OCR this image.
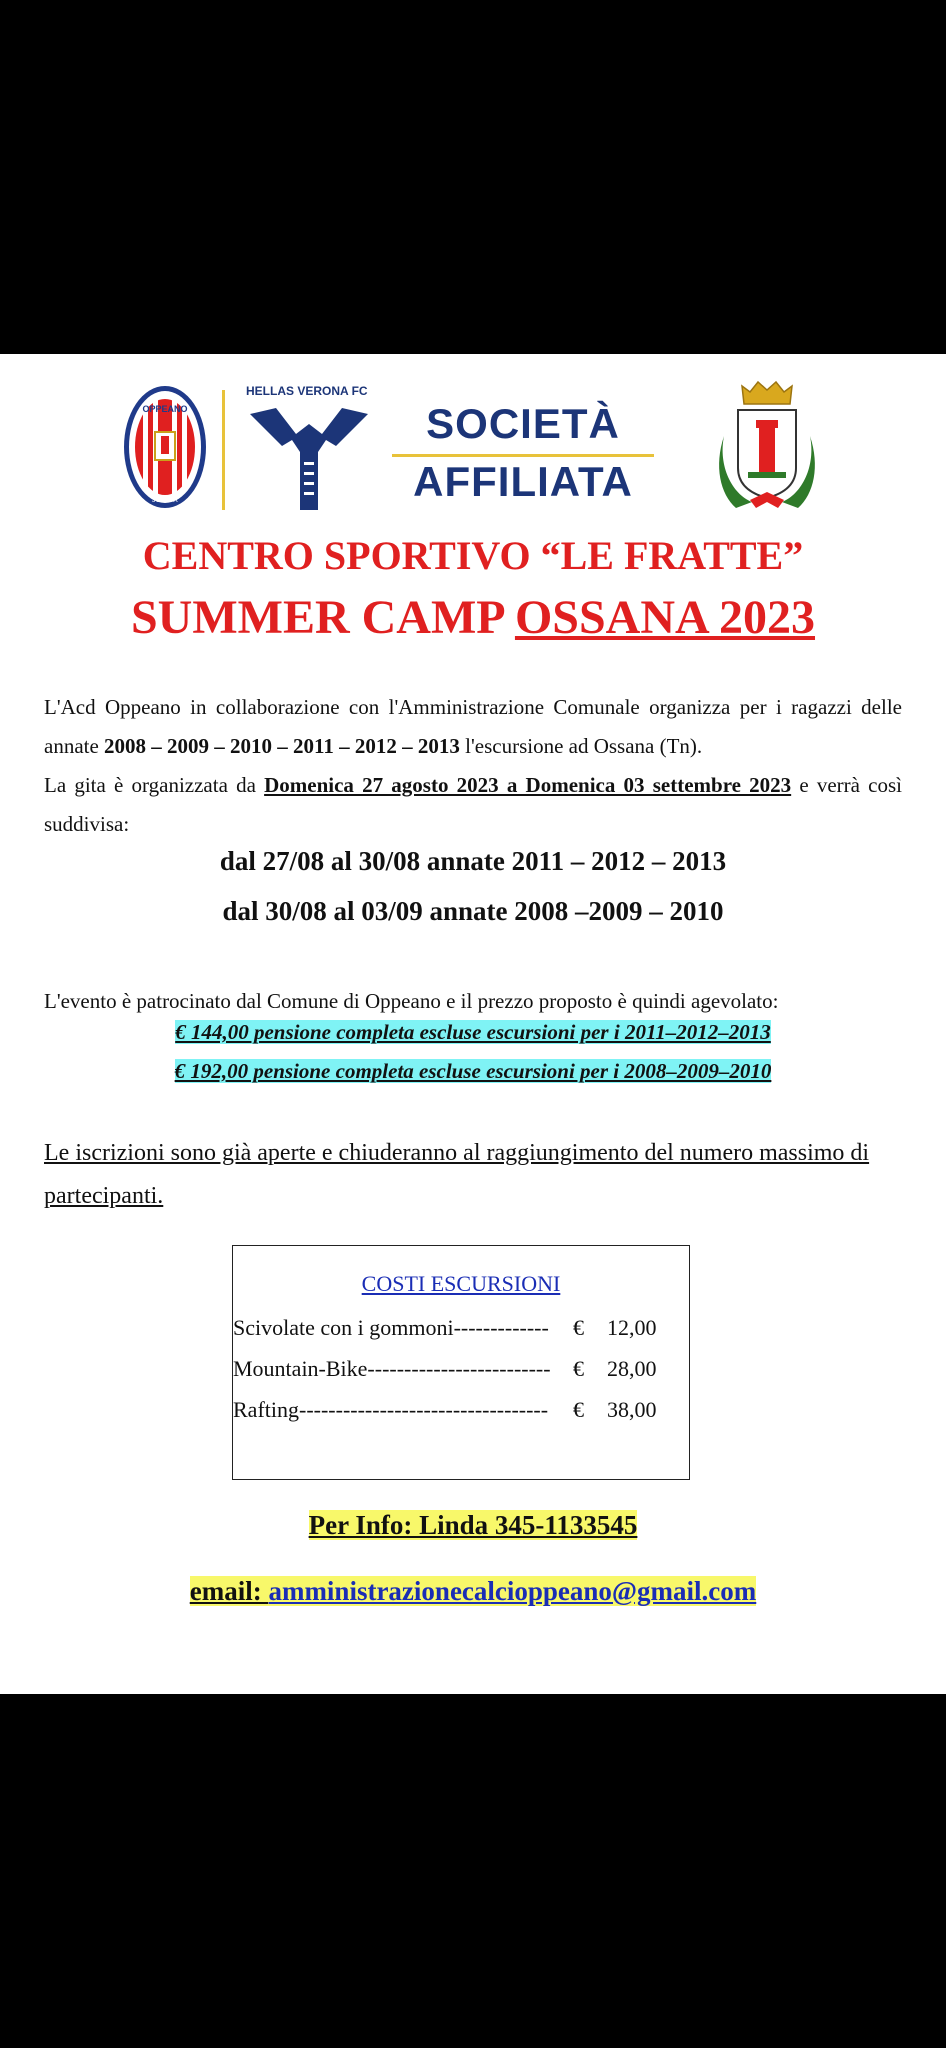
A.C.D.
OPPEANO
JUNIOR
HELLAS VERONA FC
SOCIETÀ
AFFILIATA
CENTRO SPORTIVO “LE FRATTE”
SUMMER CAMP OSSANA 2023
L'Acd Oppeano in collaborazione con l'Amministrazione Comunale organizza per i ragazzi delle annate 2008 – 2009 – 2010 – 2011 – 2012 – 2013 l'escursione ad Ossana (Tn).
La gita è organizzata da Domenica 27 agosto 2023 a Domenica 03 settembre 2023 e verrà così suddivisa:
dal 27/08 al 30/08 annate 2011 – 2012 – 2013
dal 30/08 al 03/09 annate 2008 –2009 – 2010
L'evento è patrocinato dal Comune di Oppeano e il prezzo proposto è quindi agevolato:
€ 144,00 pensione completa escluse escursioni per i 2011–2012–2013
€ 192,00 pensione completa escluse escursioni per i 2008–2009–2010
Le iscrizioni sono già aperte e chiuderanno al raggiungimento del numero massimo di partecipanti.
COSTI ESCURSIONI
Scivolate con i gommoni------------- € 12,00
Mountain-Bike------------------------- € 28,00
Rafting---------------------------------- € 38,00
Per Info: Linda 345-1133545
email: amministrazionecalcioppeano@gmail.com
